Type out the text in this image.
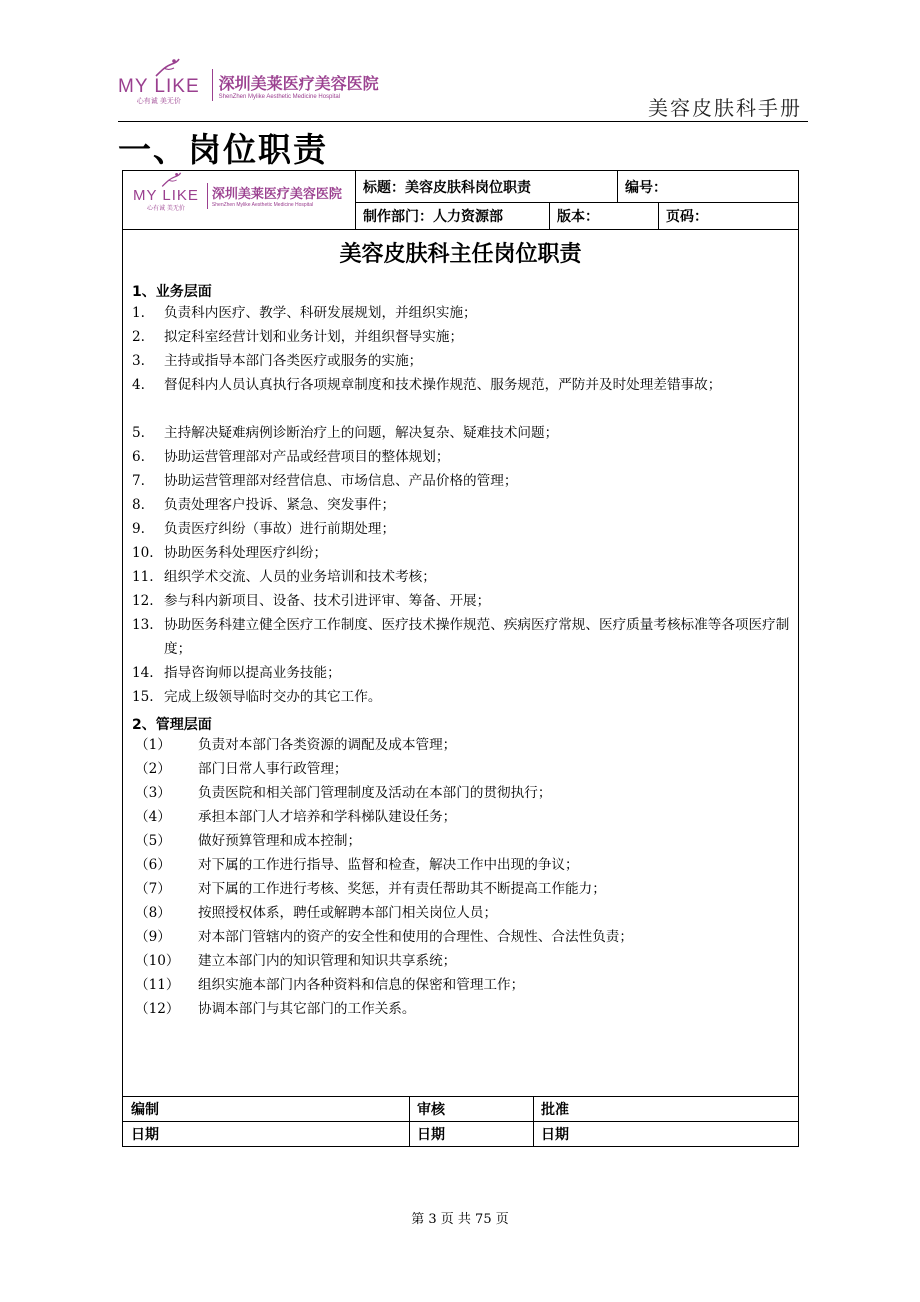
MY LIKE
心有诚 美无价
深圳美莱医疗美容医院
ShenZhen Mylike Aesthetic Medicine Hospital	美容皮肤科手册
一、岗位职责
MY LIKE
心有诚 美无价
深圳美莱医疗美容医院
ShenZhen Mylike Aesthetic Medicine Hospital
标题：美容皮肤科岗位职责	编号：
制作部门：人力资源部	版本：	页码：
美容皮肤科主任岗位职责
1、业务层面
1. 负责科内医疗、教学、科研发展规划，并组织实施；
2. 拟定科室经营计划和业务计划，并组织督导实施；
3. 主持或指导本部门各类医疗或服务的实施；
4. 督促科内人员认真执行各项规章制度和技术操作规范、服务规范，严防并及时处理差错事故；
5. 主持解决疑难病例诊断治疗上的问题，解决复杂、疑难技术问题；
6. 协助运营管理部对产品或经营项目的整体规划；
7. 协助运营管理部对经营信息、市场信息、产品价格的管理；
8. 负责处理客户投诉、紧急、突发事件；
9. 负责医疗纠纷（事故）进行前期处理；
10. 协助医务科处理医疗纠纷；
11. 组织学术交流、人员的业务培训和技术考核；
12. 参与科内新项目、设备、技术引进评审、筹备、开展；
13. 协助医务科建立健全医疗工作制度、医疗技术操作规范、疾病医疗常规、医疗质量考核标准等各项医疗制度；
14. 指导咨询师以提高业务技能；
15. 完成上级领导临时交办的其它工作。
2、管理层面
（1） 负责对本部门各类资源的调配及成本管理；
（2） 部门日常人事行政管理；
（3） 负责医院和相关部门管理制度及活动在本部门的贯彻执行；
（4） 承担本部门人才培养和学科梯队建设任务；
（5） 做好预算管理和成本控制；
（6） 对下属的工作进行指导、监督和检查，解决工作中出现的争议；
（7） 对下属的工作进行考核、奖惩，并有责任帮助其不断提高工作能力；
（8） 按照授权体系，聘任或解聘本部门相关岗位人员；
（9） 对本部门管辖内的资产的安全性和使用的合理性、合规性、合法性负责；
（10） 建立本部门内的知识管理和知识共享系统；
（11） 组织实施本部门内各种资料和信息的保密和管理工作；
（12） 协调本部门与其它部门的工作关系。
编制	审核	批准
日期	日期	日期
第 3 页 共 75 页
